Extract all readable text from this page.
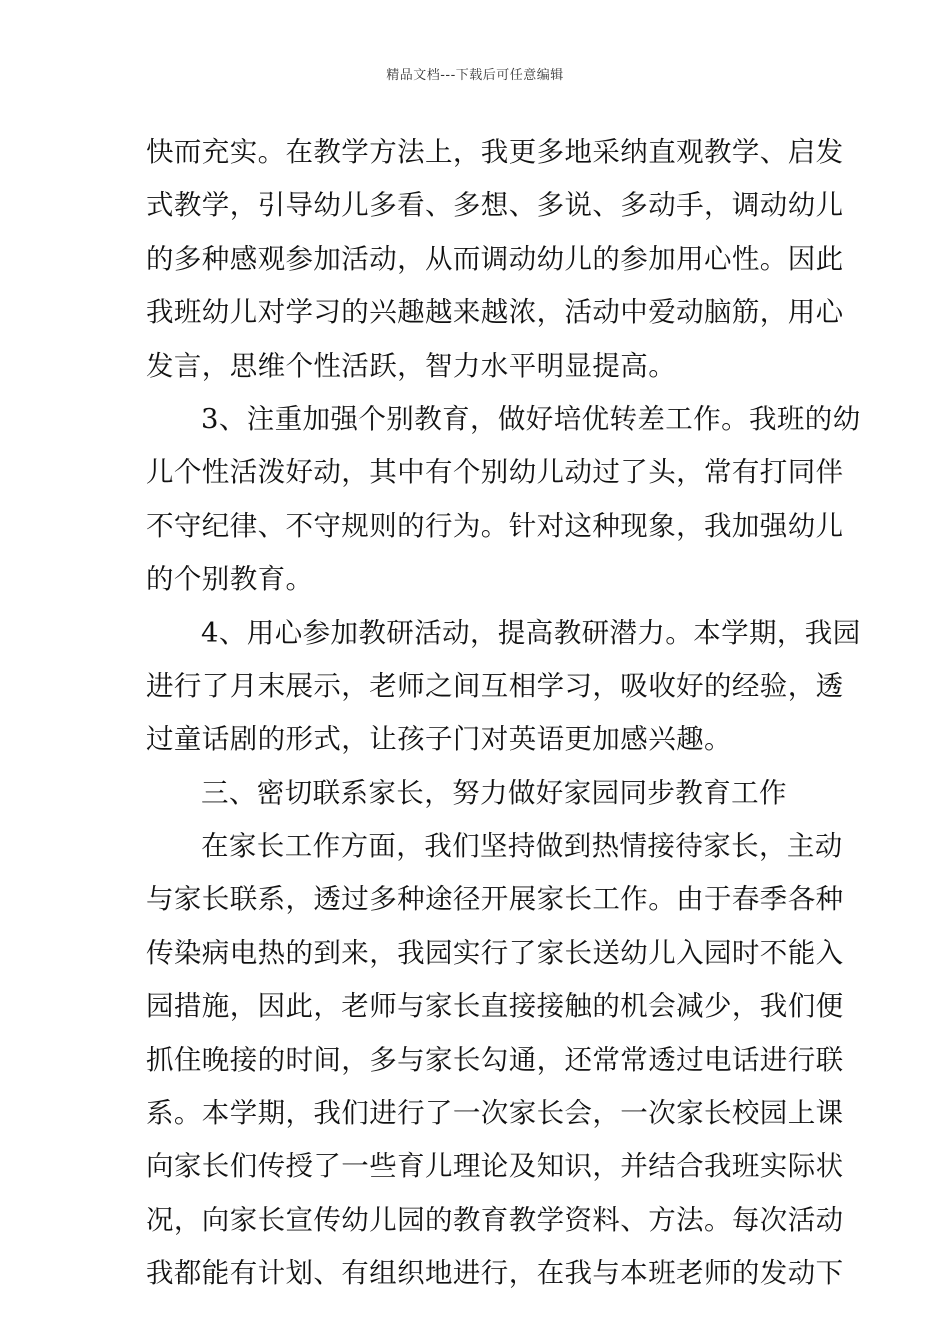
精品文档---下载后可任意编辑
快而充实。在教学方法上，我更多地采纳直观教学、启发
式教学，引导幼儿多看、多想、多说、多动手，调动幼儿
的多种感观参加活动，从而调动幼儿的参加用心性。因此
我班幼儿对学习的兴趣越来越浓，活动中爱动脑筋，用心
发言，思维个性活跃，智力水平明显提高。
3、注重加强个别教育，做好培优转差工作。我班的幼
儿个性活泼好动，其中有个别幼儿动过了头，常有打同伴
不守纪律、不守规则的行为。针对这种现象，我加强幼儿
的个别教育。
4、用心参加教研活动，提高教研潜力。本学期，我园
进行了月末展示，老师之间互相学习，吸收好的经验，透
过童话剧的形式，让孩子门对英语更加感兴趣。
三、密切联系家长，努力做好家园同步教育工作
在家长工作方面，我们坚持做到热情接待家长，主动
与家长联系，透过多种途径开展家长工作。由于春季各种
传染病电热的到来，我园实行了家长送幼儿入园时不能入
园措施，因此，老师与家长直接接触的机会减少，我们便
抓住晚接的时间，多与家长勾通，还常常透过电话进行联
系。本学期，我们进行了一次家长会，一次家长校园上课
向家长们传授了一些育儿理论及知识，并结合我班实际状
况，向家长宣传幼儿园的教育教学资料、方法。每次活动
我都能有计划、有组织地进行，在我与本班老师的发动下
